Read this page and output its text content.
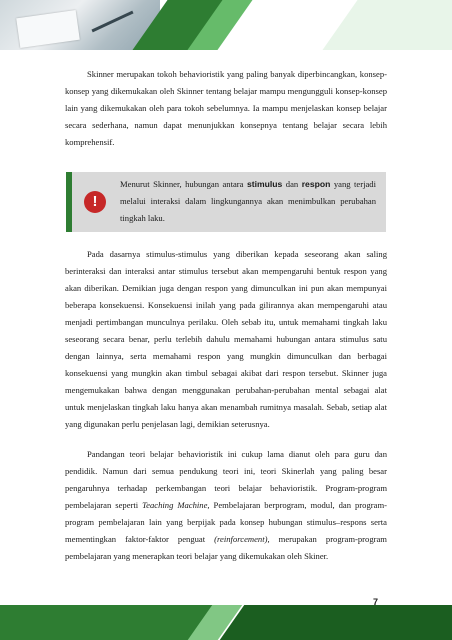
Skinner merupakan tokoh behavioristik yang paling banyak diperbincangkan, konsep-konsep yang dikemukakan oleh Skinner tentang belajar mampu mengungguli konsep-konsep lain yang dikemukakan oleh para tokoh sebelumnya. Ia mampu menjelaskan konsep belajar secara sederhana, namun dapat menunjukkan konsepnya tentang belajar secara lebih komprehensif.

!
Menurut Skinner, hubungan antara stimulus dan respon yang terjadi melalui interaksi dalam lingkungannya akan menimbulkan perubahan tingkah laku.

Pada dasarnya stimulus-stimulus yang diberikan kepada seseorang akan saling berinteraksi dan interaksi antar stimulus tersebut akan mempengaruhi bentuk respon yang akan diberikan. Demikian juga dengan respon yang dimunculkan ini pun akan mempunyai beberapa konsekuensi. Konsekuensi inilah yang pada gilirannya akan mempengaruhi atau menjadi pertimbangan munculnya perilaku. Oleh sebab itu, untuk memahami tingkah laku seseorang secara benar, perlu terlebih dahulu memahami hubungan antara stimulus satu dengan lainnya, serta memahami respon yang mungkin dimunculkan dan berbagai konsekuensi yang mungkin akan timbul sebagai akibat dari respon tersebut. Skinner juga mengemukakan bahwa dengan menggunakan perubahan-perubahan mental sebagai alat untuk menjelaskan tingkah laku hanya akan menambah rumitnya masalah. Sebab, setiap alat yang digunakan perlu penjelasan lagi, demikian seterusnya.

Pandangan teori belajar behavioristik ini cukup lama dianut oleh para guru dan pendidik. Namun dari semua pendukung teori ini, teori Skinerlah yang paling besar pengaruhnya terhadap perkembangan teori belajar behavioristik. Program-program pembelajaran seperti Teaching Machine, Pembelajaran berprogram, modul, dan program-program pembelajaran lain yang berpijak pada konsep hubungan stimulus–respons serta mementingkan faktor-faktor penguat (reinforcement), merupakan program-program pembelajaran yang menerapkan teori belajar yang dikemukakan oleh Skiner.

7
